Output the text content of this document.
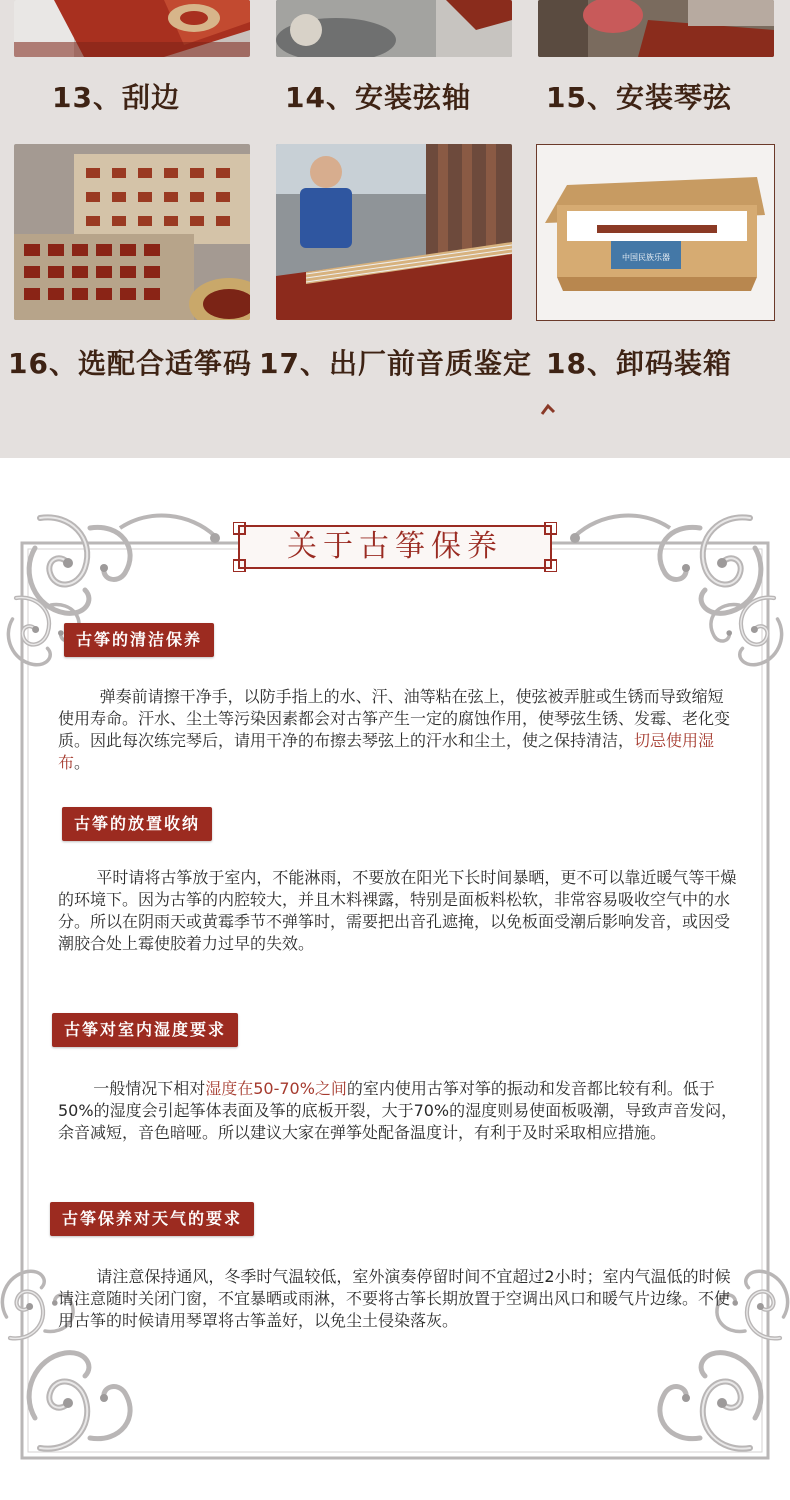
13、刮边	14、安装弦轴	15、安装琴弦
中国民族乐器
16、选配合适筝码 17、出厂前音质鉴定 18、卸码装箱
关于古筝保养
古筝的清洁保养

弹奏前请擦干净手，以防手指上的水、汗、油等粘在弦上，使弦被弄脏或生锈而导致缩短使用寿命。汗水、尘土等污染因素都会对古筝产生一定的腐蚀作用，使琴弦生锈、发霉、老化变质。因此每次练完琴后，请用干净的布擦去琴弦上的汗水和尘土，使之保持清洁，切忌使用湿布。

古筝的放置收纳

平时请将古筝放于室内，不能淋雨，不要放在阳光下长时间暴晒，更不可以靠近暖气等干燥的环境下。因为古筝的内腔较大，并且木料裸露，特别是面板料松软，非常容易吸收空气中的水分。所以在阴雨天或黄霉季节不弹筝时，需要把出音孔遮掩，以免板面受潮后影响发音，或因受潮胶合处上霉使胶着力过早的失效。

古筝对室内湿度要求

一般情况下相对湿度在50-70%之间的室内使用古筝对筝的振动和发音都比较有利。低于50%的湿度会引起筝体表面及筝的底板开裂，大于70%的湿度则易使面板吸潮，导致声音发闷，余音减短，音色暗哑。所以建议大家在弹筝处配备温度计，有利于及时采取相应措施。

古筝保养对天气的要求

请注意保持通风，冬季时气温较低，室外演奏停留时间不宜超过2小时；室内气温低的时候请注意随时关闭门窗，不宜暴晒或雨淋，不要将古筝长期放置于空调出风口和暖气片边缘。不使用古筝的时候请用琴罩将古筝盖好，以免尘土侵染落灰。
